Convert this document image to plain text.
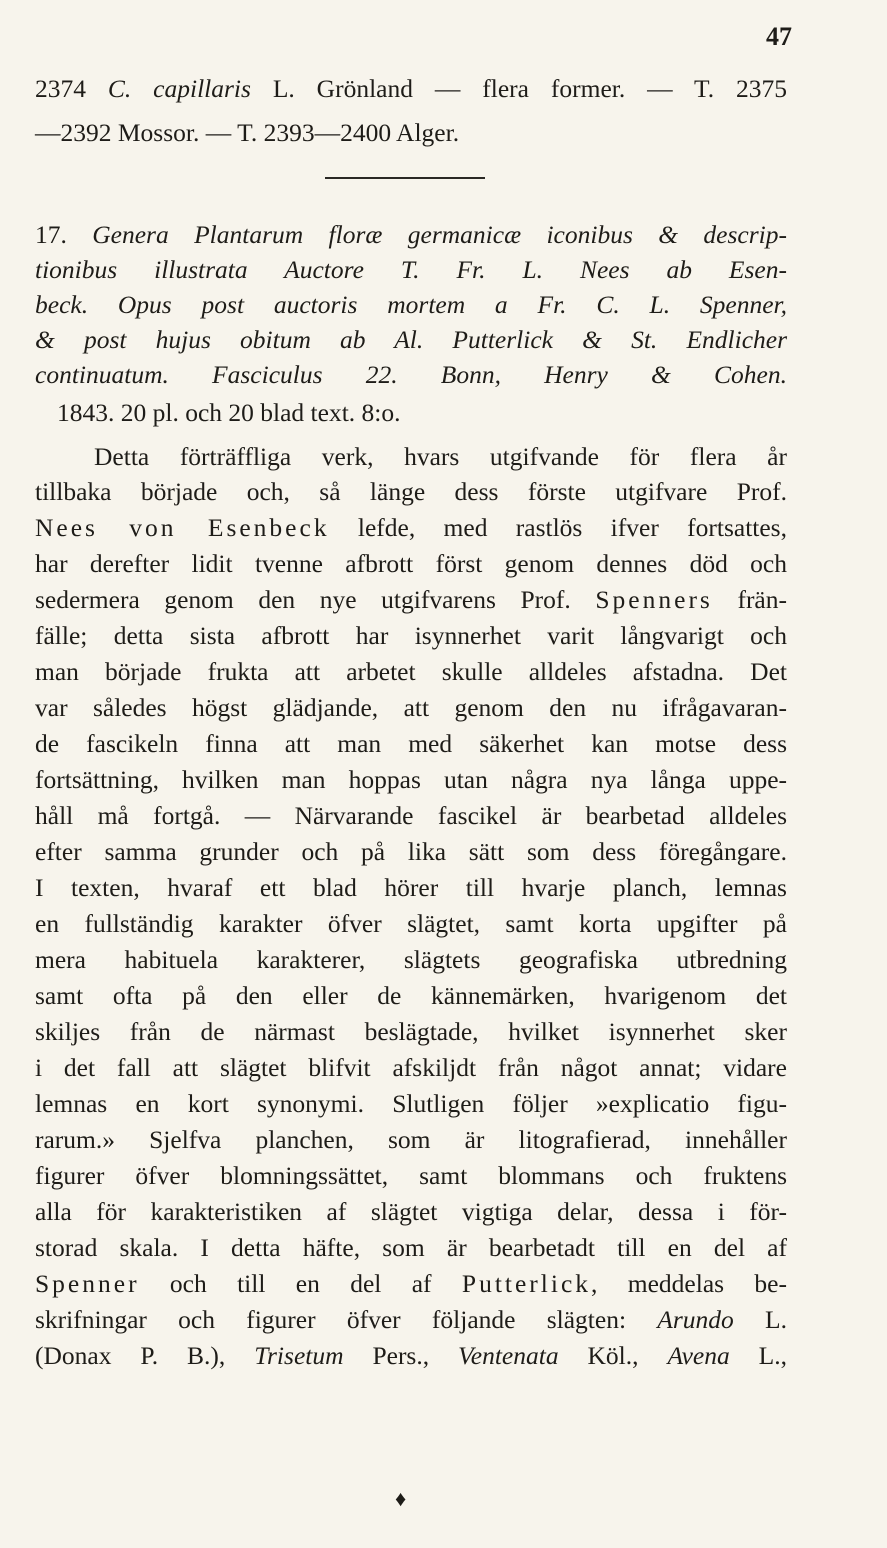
47
2374 C. capillaris L. Grönland — flera former. — T. 2375
—2392 Mossor. — T. 2393—2400 Alger.
17. Genera Plantarum floræ germanicæ iconibus & descrip-
tionibus illustrata Auctore T. Fr. L. Nees ab Esen-
beck. Opus post auctoris mortem a Fr. C. L. Spenner,
& post hujus obitum ab Al. Putterlick & St. Endlicher
continuatum. Fasciculus 22. Bonn, Henry & Cohen.
1843. 20 pl. och 20 blad text. 8:o.
Detta förträffliga verk, hvars utgifvande för flera år
tillbaka började och, så länge dess förste utgifvare Prof.
Nees von Esenbeck lefde, med rastlös ifver fortsattes,
har derefter lidit tvenne afbrott först genom dennes död och
sedermera genom den nye utgifvarens Prof. Spenners frän-
fälle; detta sista afbrott har isynnerhet varit långvarigt och
man började frukta att arbetet skulle alldeles afstadna. Det
var således högst glädjande, att genom den nu ifrågavaran-
de fascikeln finna att man med säkerhet kan motse dess
fortsättning, hvilken man hoppas utan några nya långa uppe-
håll må fortgå. — Närvarande fascikel är bearbetad alldeles
efter samma grunder och på lika sätt som dess föregångare.
I texten, hvaraf ett blad hörer till hvarje planch, lemnas
en fullständig karakter öfver slägtet, samt korta upgifter på
mera habituela karakterer, slägtets geografiska utbredning
samt ofta på den eller de kännemärken, hvarigenom det
skiljes från de närmast beslägtade, hvilket isynnerhet sker
i det fall att slägtet blifvit afskiljdt från något annat; vidare
lemnas en kort synonymi. Slutligen följer »explicatio figu-
rarum.» Sjelfva planchen, som är litografierad, innehåller
figurer öfver blomningssättet, samt blommans och fruktens
alla för karakteristiken af slägtet vigtiga delar, dessa i för-
storad skala. I detta häfte, som är bearbetadt till en del af
Spenner och till en del af Putterlick, meddelas be-
skrifningar och figurer öfver följande slägten: Arundo L.
(Donax P. B.), Trisetum Pers., Ventenata Köl., Avena L.,
♦
